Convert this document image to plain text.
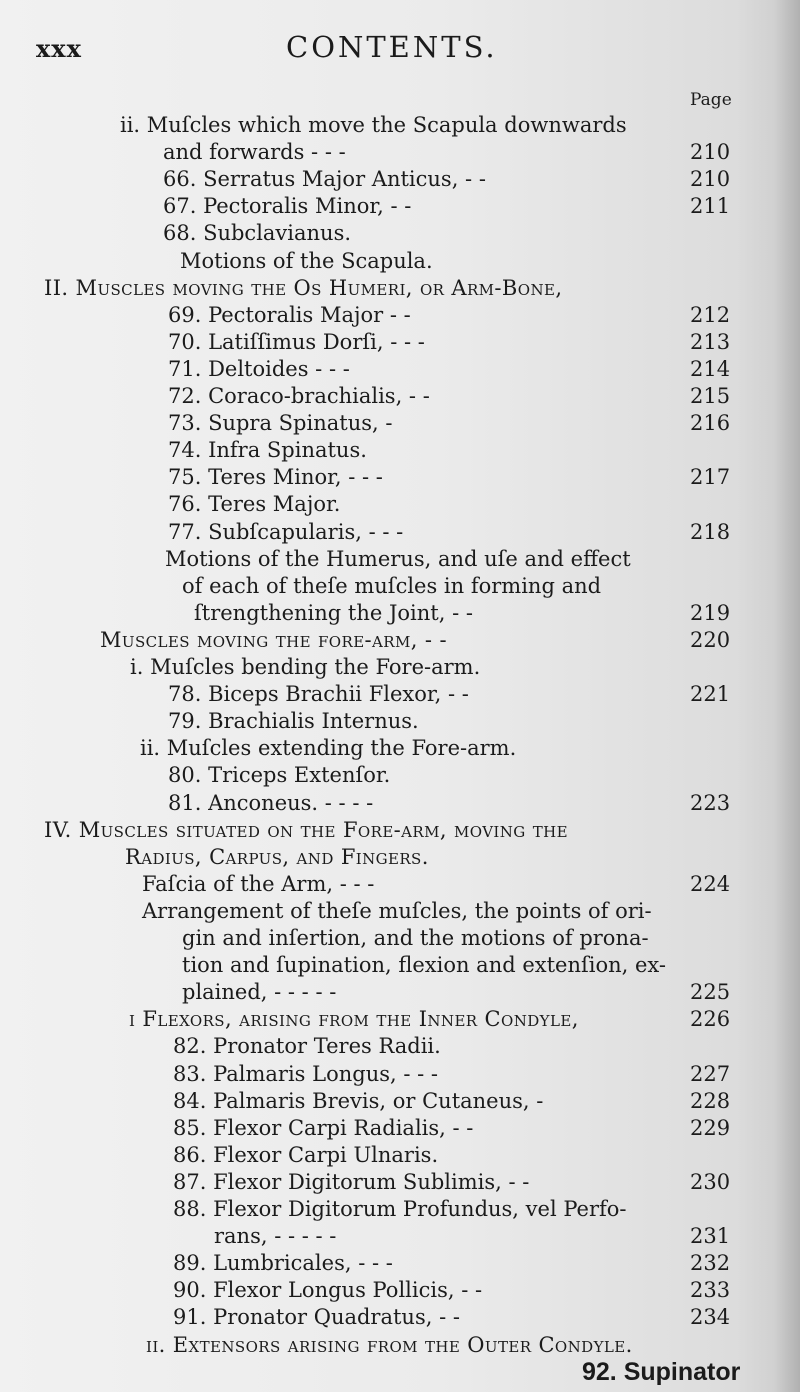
xxx	CONTENTS.
Page
ii. Muſcles which move the Scapula downwards
and forwards - - -	210
66. Serratus Major Anticus, - -	210
67. Pectoralis Minor, - -	211
68. Subclavianus.
Motions of the Scapula.
II. Muscles moving the Os Humeri, or Arm-Bone,
69. Pectoralis Major - -	212
70. Latiſſimus Dorſi, - - -	213
71. Deltoides - - -	214
72. Coraco-brachialis, - -	215
73. Supra Spinatus, -	216
74. Infra Spinatus.
75. Teres Minor, - - -	217
76. Teres Major.
77. Subſcapularis, - - -	218
Motions of the Humerus, and uſe and effect
of each of theſe muſcles in forming and
ſtrengthening the Joint, - -	219
Muscles moving the fore-arm, - -	220
i. Muſcles bending the Fore-arm.
78. Biceps Brachii Flexor, - -	221
79. Brachialis Internus.
ii. Muſcles extending the Fore-arm.
80. Triceps Extenſor.
81. Anconeus. - - - -	223
IV. Muscles situated on the Fore-arm, moving the
Radius, Carpus, and Fingers.
Faſcia of the Arm, - - -	224
Arrangement of theſe muſcles, the points of ori-
gin and inſertion, and the motions of prona-
tion and ſupination, flexion and extenſion, ex-
plained, - - - - -	225
i Flexors, ariſing from the Inner Condyle,	226
82. Pronator Teres Radii.
83. Palmaris Longus, - - -	227
84. Palmaris Brevis, or Cutaneus, -	228
85. Flexor Carpi Radialis, - -	229
86. Flexor Carpi Ulnaris.
87. Flexor Digitorum Sublimis, - -	230
88. Flexor Digitorum Profundus, vel Perfo-
rans, - - - - -	231
89. Lumbricales, - - -	232
90. Flexor Longus Pollicis, - -	233
91. Pronator Quadratus, - -	234
ii. Extensors ariſing from the Outer Condyle.
92. Supinator
